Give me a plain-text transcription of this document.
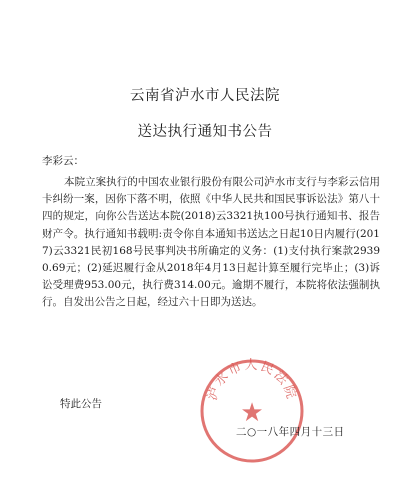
云南省泸水市人民法院
送达执行通知书公告
李彩云：

本院立案执行的中国农业银行股份有限公司泸水市支行与李彩云信用卡纠纷一案，因你下落不明，依照《中华人民共和国民事诉讼法》第八十四的规定，向你公告送达本院(2018)云3321执100号执行通知书、报告财产令。执行通知书载明:责令你自本通知书送达之日起10日内履行(2017)云3321民初168号民事判决书所确定的义务：(1)支付执行案款29390.69元；(2)延迟履行金从2018年4月13日起计算至履行完毕止；(3)诉讼受理费953.00元，执行费314.00元。逾期不履行，本院将依法强制执行。自发出公告之日起，经过六十日即为送达。

特此公告
泸水市人民法院
★
二○一八年四月十三日
